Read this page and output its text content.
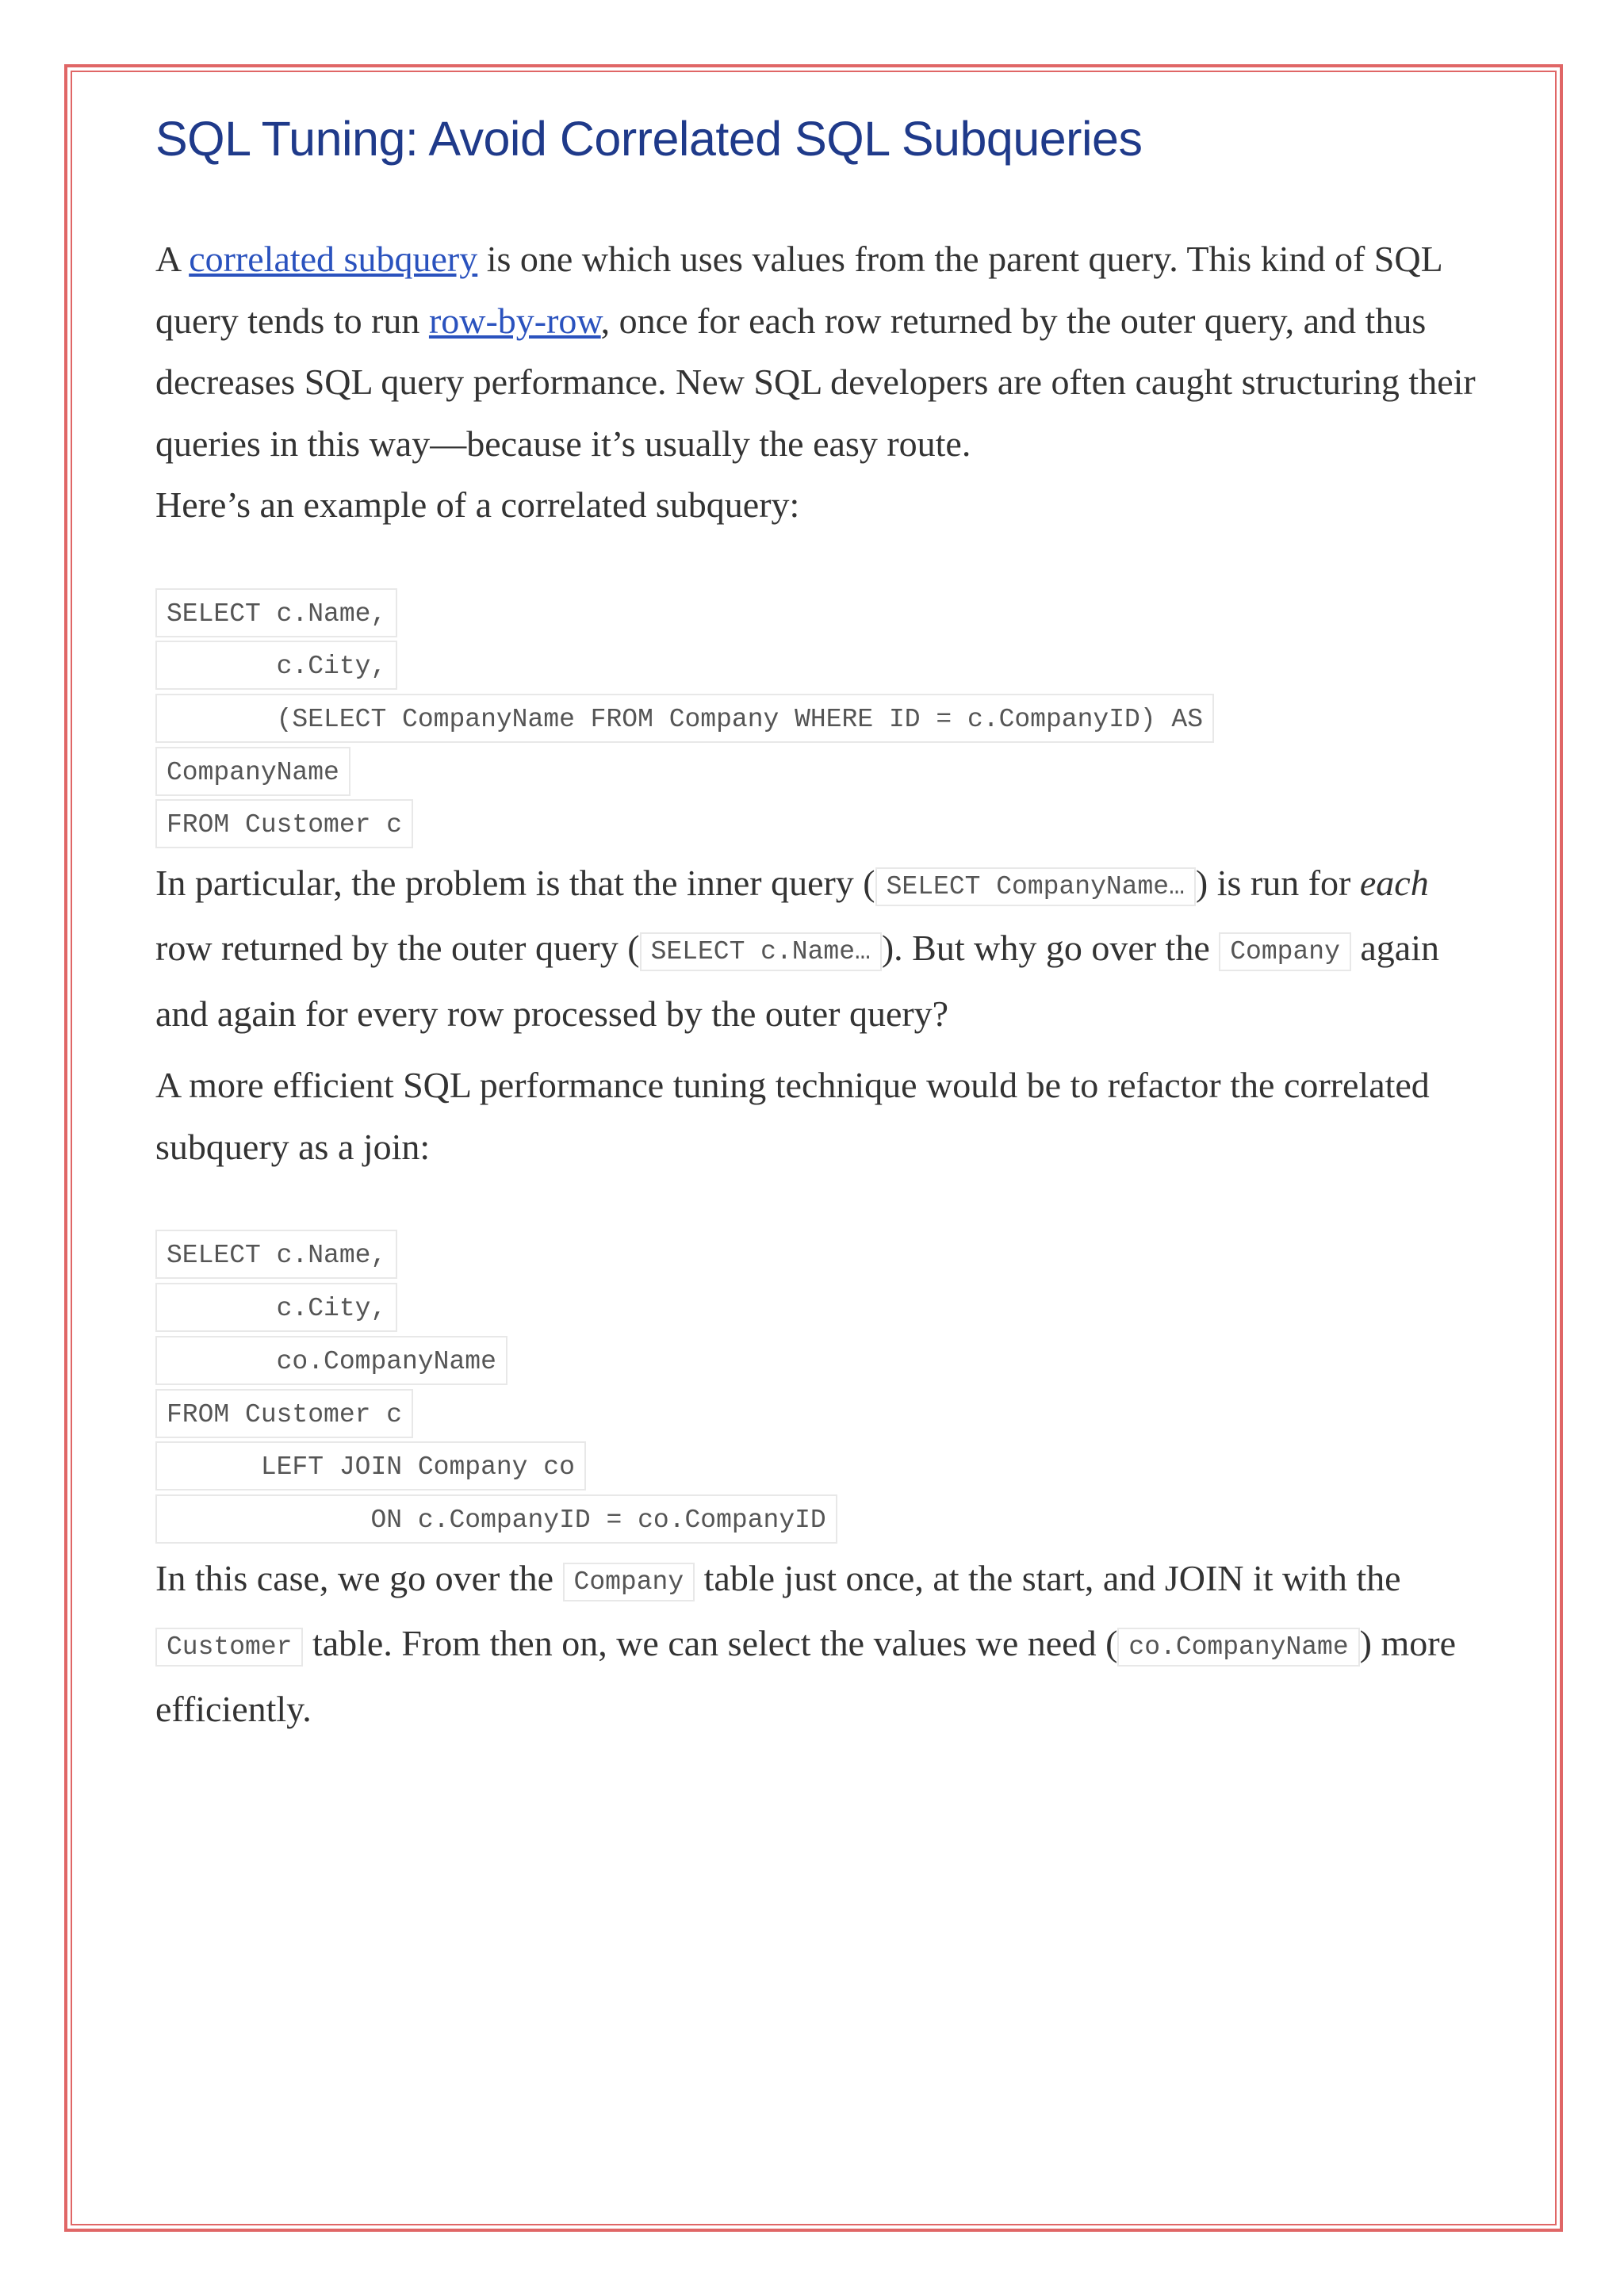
SQL Tuning: Avoid Correlated SQL Subqueries

A correlated subquery is one which uses values from the parent query. This kind of SQL query tends to run row-by-row, once for each row returned by the outer query, and thus decreases SQL query performance. New SQL developers are often caught structuring their queries in this way—because it’s usually the easy route.

Here’s an example of a correlated subquery:

SELECT c.Name,
c.City,
(SELECT CompanyName FROM Company WHERE ID = c.CompanyID) AS
CompanyName
FROM Customer c

In particular, the problem is that the inner query ( SELECT CompanyName… ) is run for each row returned by the outer query ( SELECT c.Name… ). But why go over the Company again and again for every row processed by the outer query?

A more efficient SQL performance tuning technique would be to refactor the correlated subquery as a join:

SELECT c.Name,
c.City,
co.CompanyName
FROM Customer c
LEFT JOIN Company co
ON c.CompanyID = co.CompanyID

In this case, we go over the Company table just once, at the start, and JOIN it with the Customer table. From then on, we can select the values we need ( co.CompanyName ) more efficiently.
